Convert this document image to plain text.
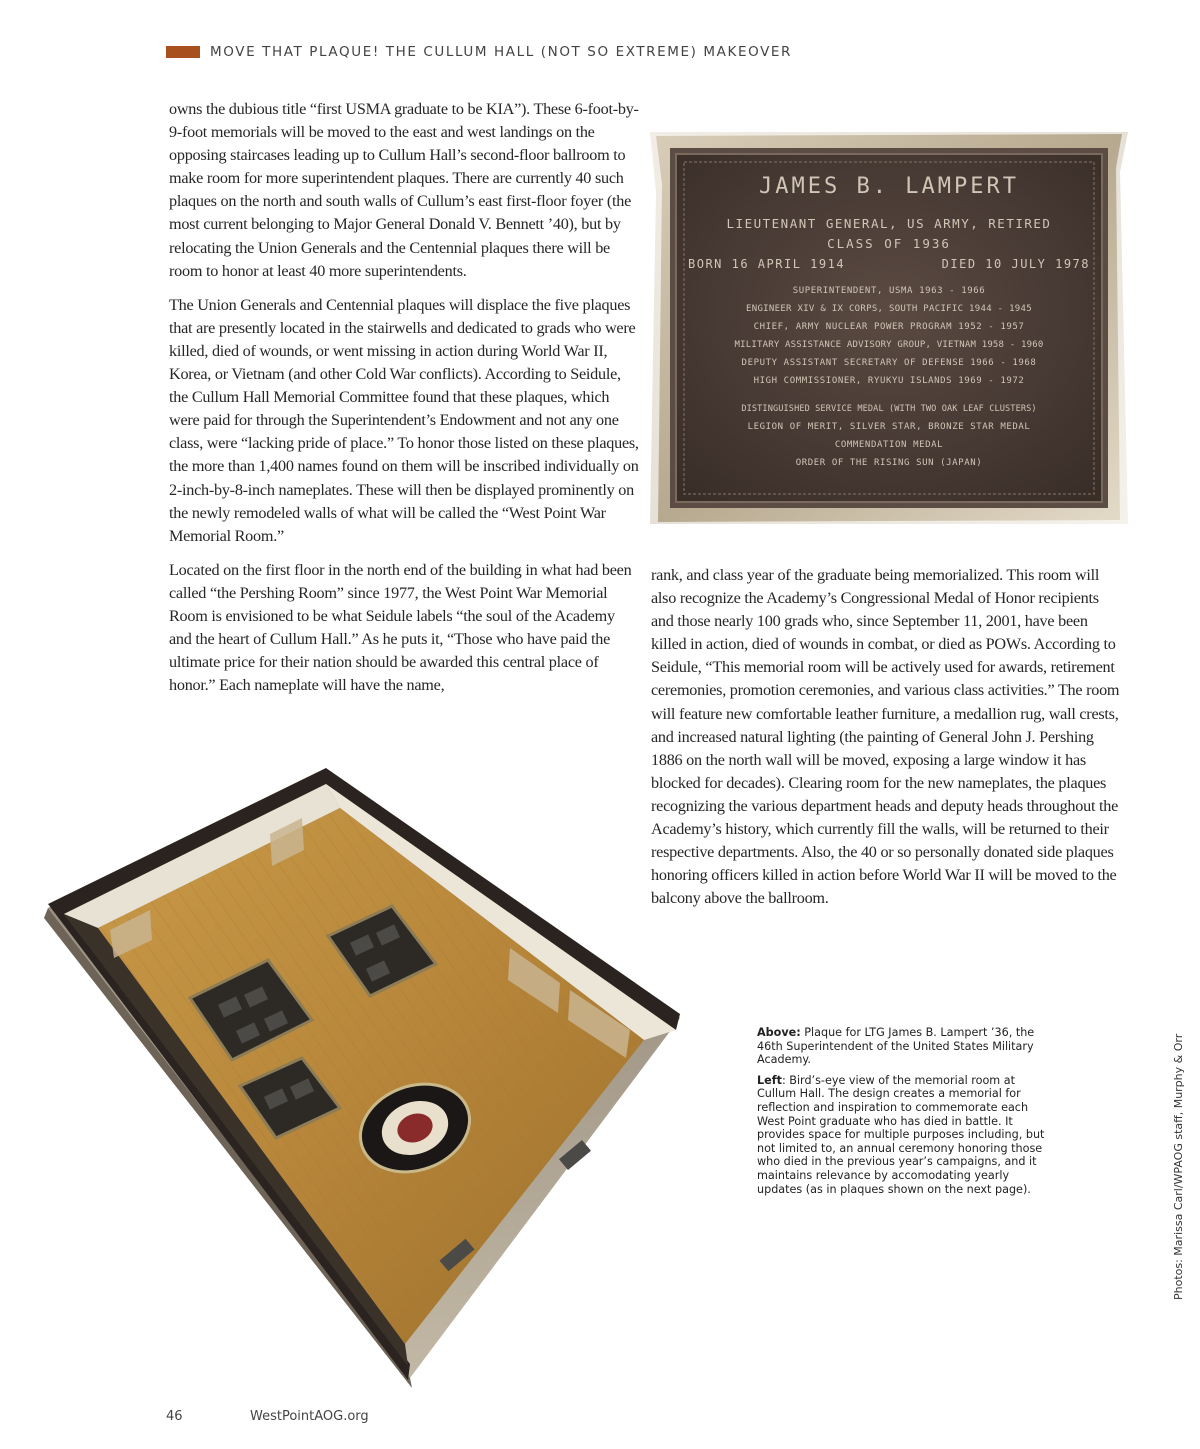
MOVE THAT PLAQUE! THE CULLUM HALL (NOT SO EXTREME) MAKEOVER

owns the dubious title “first USMA graduate to be KIA”). These 6-foot-by-9-foot memorials will be moved to the east and west landings on the opposing staircases leading up to Cullum Hall’s second-floor ballroom to make room for more superintendent plaques. There are currently 40 such plaques on the north and south walls of Cullum’s east first-floor foyer (the most current belonging to Major General Donald V. Bennett ’40), but by relocating the Union Generals and the Centennial plaques there will be room to honor at least 40 more superintendents.

The Union Generals and Centennial plaques will displace the five plaques that are presently located in the stairwells and dedicated to grads who were killed, died of wounds, or went missing in action during World War II, Korea, or Vietnam (and other Cold War conflicts). According to Seidule, the Cullum Hall Memorial Committee found that these plaques, which were paid for through the Superintendent’s Endowment and not any one class, were “lacking pride of place.” To honor those listed on these plaques, the more than 1,400 names found on them will be inscribed individually on 2-inch-by-8-inch nameplates. These will then be displayed prominently on the newly remodeled walls of what will be called the “West Point War Memorial Room.”

Located on the first floor in the north end of the building in what had been called “the Pershing Room” since 1977, the West Point War Memorial Room is envisioned to be what Seidule labels “the soul of the Academy and the heart of Cullum Hall.” As he puts it, “Those who have paid the ultimate price for their nation should be awarded this central place of honor.” Each nameplate will have the name,

JAMES B. LAMPERT
LIEUTENANT GENERAL, US ARMY, RETIRED
CLASS OF 1936
BORN 16 APRIL 1914	DIED 10 JULY 1978
SUPERINTENDENT, USMA 1963 - 1966
ENGINEER XIV & IX CORPS, SOUTH PACIFIC 1944 - 1945
CHIEF, ARMY NUCLEAR POWER PROGRAM 1952 - 1957
MILITARY ASSISTANCE ADVISORY GROUP, VIETNAM 1958 - 1960
DEPUTY ASSISTANT SECRETARY OF DEFENSE 1966 - 1968
HIGH COMMISSIONER, RYUKYU ISLANDS 1969 - 1972
DISTINGUISHED SERVICE MEDAL (WITH TWO OAK LEAF CLUSTERS)
LEGION OF MERIT, SILVER STAR, BRONZE STAR MEDAL
COMMENDATION MEDAL
ORDER OF THE RISING SUN (JAPAN)

rank, and class year of the graduate being memorialized. This room will also recognize the Academy’s Congressional Medal of Honor recipients and those nearly 100 grads who, since September 11, 2001, have been killed in action, died of wounds in combat, or died as POWs. According to Seidule, “This memorial room will be actively used for awards, retirement ceremonies, promotion ceremonies, and various class activities.” The room will feature new comfortable leather furniture, a medallion rug, wall crests, and increased natural lighting (the painting of General John J. Pershing 1886 on the north wall will be moved, exposing a large window it has blocked for decades). Clearing room for the new nameplates, the plaques recognizing the various department heads and deputy heads throughout the Academy’s history, which currently fill the walls, will be returned to their respective departments. Also, the 40 or so personally donated side plaques honoring officers killed in action before World War II will be moved to the balcony above the ballroom.

Above: Plaque for LTG James B. Lampert ’36, the 46th Superintendent of the United States Military Academy.

Left: Bird’s-eye view of the memorial room at Cullum Hall. The design creates a memorial for reflection and inspiration to commemorate each West Point graduate who has died in battle. It provides space for multiple purposes including, but not limited to, an annual ceremony honoring those who died in the previous year’s campaigns, and it maintains relevance by accomodating yearly updates (as in plaques shown on the next page).	Photos: Marissa Carl/WPAOG staff, Murphy & Orr
46	WestPointAOG.org
